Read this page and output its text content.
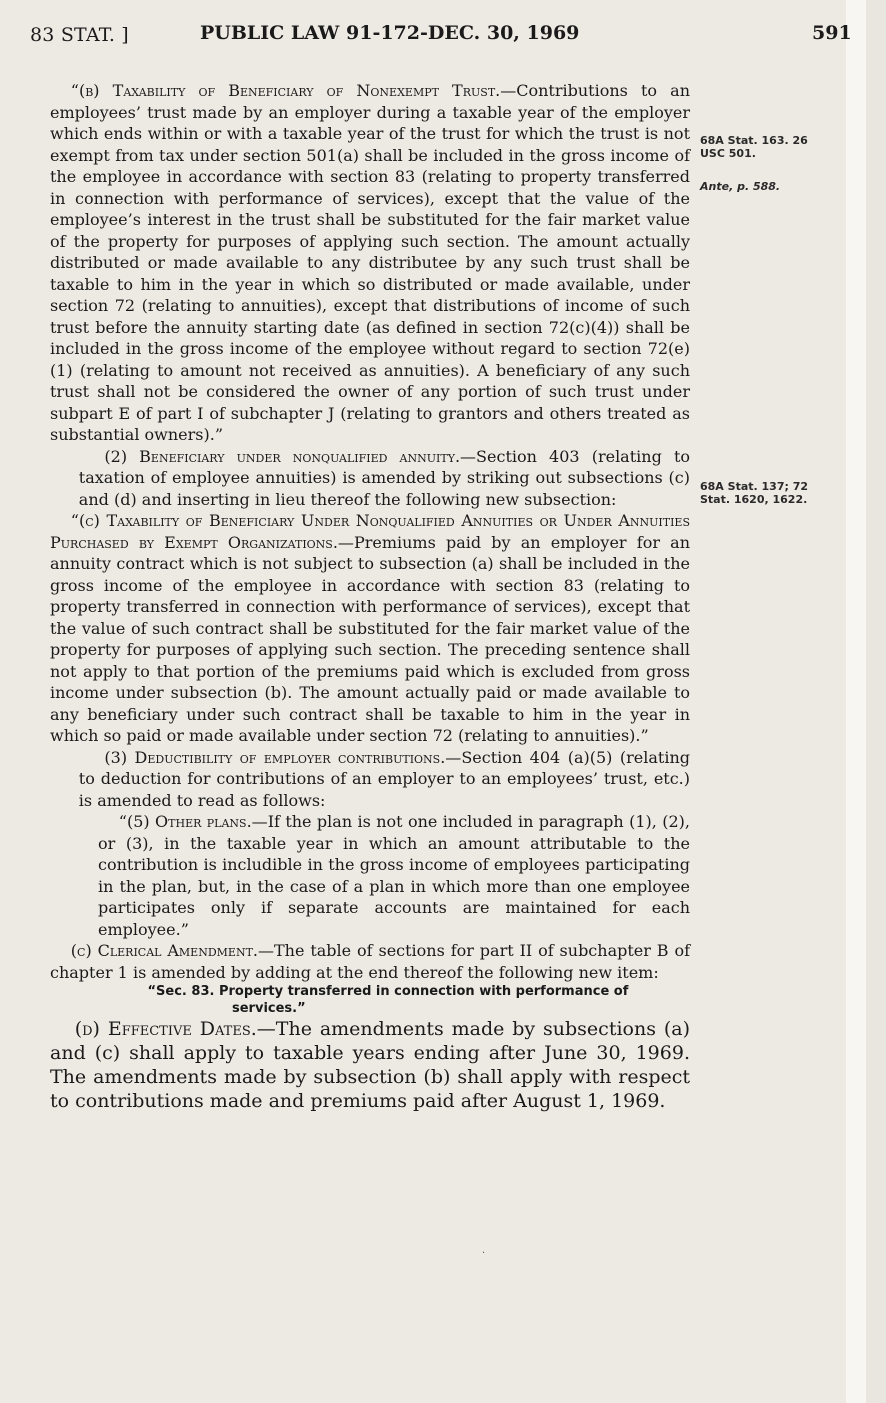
83 STAT. ]	PUBLIC LAW 91-172-DEC. 30, 1969	591

“(b) Taxability of Beneficiary of Nonexempt Trust.—Contributions to an employees’ trust made by an employer during a taxable year of the employer which ends within or with a taxable year of the trust for which the trust is not exempt from tax under section 501(a) shall be included in the gross income of the employee in accordance with section 83 (relating to property transferred in connection with performance of services), except that the value of the employee’s interest in the trust shall be substituted for the fair market value of the property for purposes of applying such section. The amount actually distributed or made available to any distributee by any such trust shall be taxable to him in the year in which so distributed or made available, under section 72 (relating to annuities), except that distributions of income of such trust before the annuity starting date (as defined in section 72(c)(4)) shall be included in the gross income of the employee without regard to section 72(e)(1) (relating to amount not received as annuities). A beneficiary of any such trust shall not be considered the owner of any portion of such trust under subpart E of part I of subchapter J (relating to grantors and others treated as substantial owners).”

(2) Beneficiary under nonqualified annuity.—Section 403 (relating to taxation of employee annuities) is amended by striking out subsections (c) and (d) and inserting in lieu thereof the following new subsection:

“(c) Taxability of Beneficiary Under Nonqualified Annuities or Under Annuities Purchased by Exempt Organizations.—Premiums paid by an employer for an annuity contract which is not subject to subsection (a) shall be included in the gross income of the employee in accordance with section 83 (relating to property transferred in connection with performance of services), except that the value of such contract shall be substituted for the fair market value of the property for purposes of applying such section. The preceding sentence shall not apply to that portion of the premiums paid which is excluded from gross income under subsection (b). The amount actually paid or made available to any beneficiary under such contract shall be taxable to him in the year in which so paid or made available under section 72 (relating to annuities).”

(3) Deductibility of employer contributions.—Section 404 (a)(5) (relating to deduction for contributions of an employer to an employees’ trust, etc.) is amended to read as follows:

“(5) Other plans.—If the plan is not one included in paragraph (1), (2), or (3), in the taxable year in which an amount attributable to the contribution is includible in the gross income of employees participating in the plan, but, in the case of a plan in which more than one employee participates only if separate accounts are maintained for each employee.”

(c) Clerical Amendment.—The table of sections for part II of subchapter B of chapter 1 is amended by adding at the end thereof the following new item:

“Sec. 83. Property transferred in connection with performance of
services.”

(d) Effective Dates.—The amendments made by subsections (a) and (c) shall apply to taxable years ending after June 30, 1969. The amendments made by subsection (b) shall apply with respect to contributions made and premiums paid after August 1, 1969.

68A Stat. 163. 26 USC 501.
Ante, p. 588.
68A Stat. 137; 72 Stat. 1620, 1622.
·
